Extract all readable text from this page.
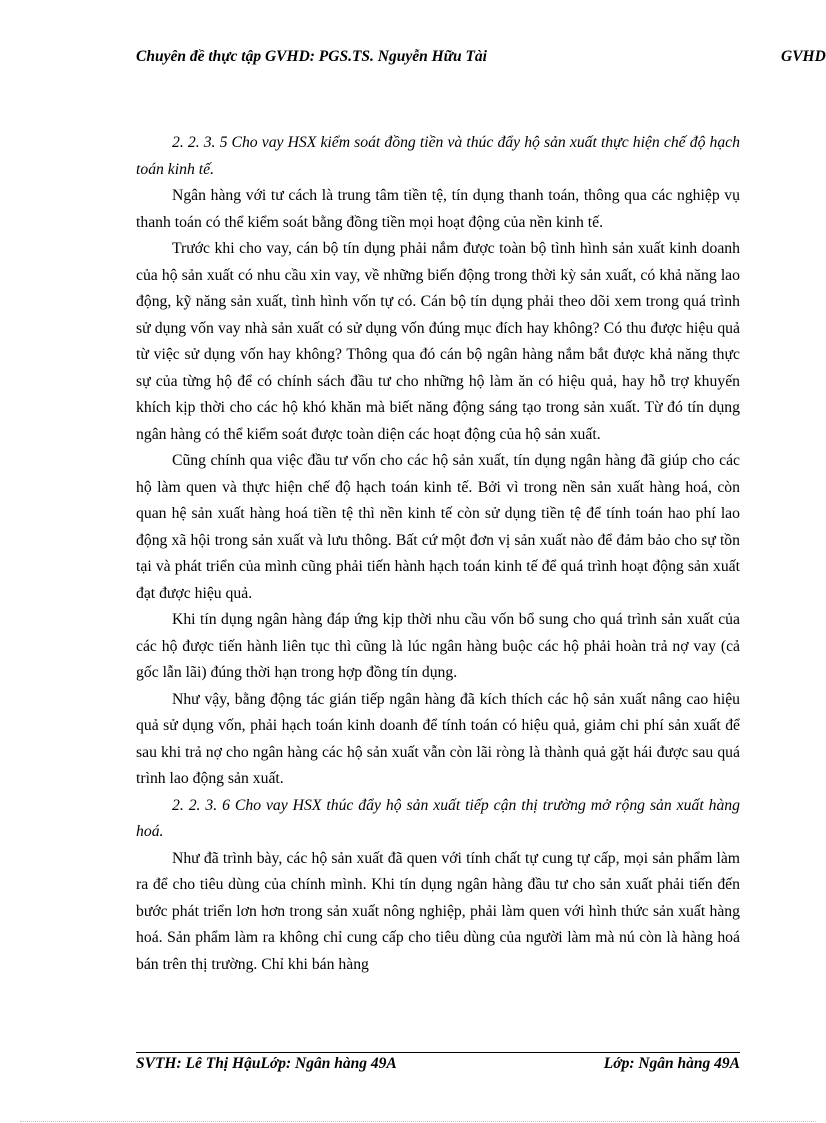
Chuyên đề thực tập GVHD: PGS.TS. Nguyễn Hữu Tài	GVHD

2. 2. 3. 5 Cho vay HSX kiểm soát đồng tiền và thúc đẩy hộ sản xuất thực hiện chế độ hạch toán kinh tế.

Ngân hàng với tư cách là trung tâm tiền tệ, tín dụng thanh toán, thông qua các nghiệp vụ thanh toán có thể kiểm soát bằng đồng tiền mọi hoạt động của nền kinh tế.

Trước khi cho vay, cán bộ tín dụng phải nắm được toàn bộ tình hình sản xuất kinh doanh của hộ sản xuất có nhu cầu xin vay, về những biến động trong thời kỳ sản xuất, có khả năng lao động, kỹ năng sản xuất, tình hình vốn tự có. Cán bộ tín dụng phải theo dõi xem trong quá trình sử dụng vốn vay nhà sản xuất có sử dụng vốn đúng mục đích hay không? Có thu được hiệu quả từ việc sử dụng vốn hay không? Thông qua đó cán bộ ngân hàng nắm bắt được khả năng thực sự của từng hộ để có chính sách đầu tư cho những hộ làm ăn có hiệu quả, hay hỗ trợ khuyến khích kịp thời cho các hộ khó khăn mà biết năng động sáng tạo trong sản xuất. Từ đó tín dụng ngân hàng có thể kiểm soát được toàn diện các hoạt động của hộ sản xuất.

Cũng chính qua việc đầu tư vốn cho các hộ sản xuất, tín dụng ngân hàng đã giúp cho các hộ làm quen và thực hiện chế độ hạch toán kinh tế. Bởi vì trong nền sản xuất hàng hoá, còn quan hệ sản xuất hàng hoá tiền tệ thì nền kinh tế còn sử dụng tiền tệ để tính toán hao phí lao động xã hội trong sản xuất và lưu thông. Bất cứ một đơn vị sản xuất nào để đảm bảo cho sự tồn tại và phát triển của mình cũng phải tiến hành hạch toán kinh tế để quá trình hoạt động sản xuất đạt được hiệu quả.

Khi tín dụng ngân hàng đáp ứng kịp thời nhu cầu vốn bổ sung cho quá trình sản xuất của các hộ được tiến hành liên tục thì cũng là lúc ngân hàng buộc các hộ phải hoàn trả nợ vay (cả gốc lẫn lãi) đúng thời hạn trong hợp đồng tín dụng.

Như vậy, bằng động tác gián tiếp ngân hàng đã kích thích các hộ sản xuất nâng cao hiệu quả sử dụng vốn, phải hạch toán kinh doanh để tính toán có hiệu quả, giảm chi phí sản xuất để sau khi trả nợ cho ngân hàng các hộ sản xuất vẫn còn lãi ròng là thành quả gặt hái được sau quá trình lao động sản xuất.

2. 2. 3. 6 Cho vay HSX thúc đẩy hộ sản xuất tiếp cận thị trường mở rộng sản xuất hàng hoá.

Như đã trình bày, các hộ sản xuất đã quen với tính chất tự cung tự cấp, mọi sản phẩm làm ra để cho tiêu dùng của chính mình. Khi tín dụng ngân hàng đầu tư cho sản xuất phải tiến đến bước phát triển lơn hơn trong sản xuất nông nghiệp, phải làm quen với hình thức sản xuất hàng hoá. Sản phẩm làm ra không chỉ cung cấp cho tiêu dùng của người làm mà nú còn là hàng hoá bán trên thị trường. Chỉ khi bán hàng

SVTH: Lê Thị HậuLớp: Ngân hàng 49A	Lớp: Ngân hàng 49A
